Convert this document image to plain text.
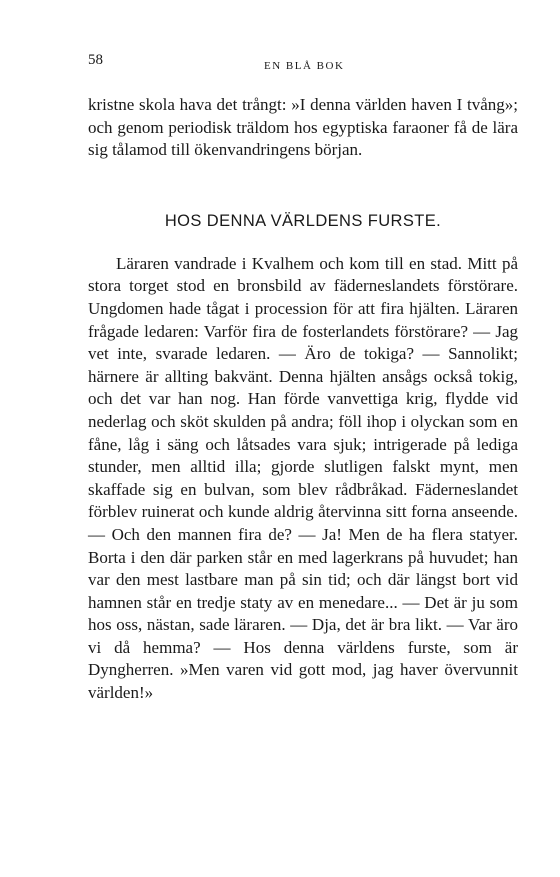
58	EN BLÅ BOK

kristne skola hava det trångt: »I denna världen haven I tvång»; och genom periodisk träldom hos egyptiska faraoner få de lära sig tålamod till ökenvandringens början.

HOS DENNA VÄRLDENS FURSTE.

Läraren vandrade i Kvalhem och kom till en stad. Mitt på stora torget stod en bronsbild av fäderneslandets förstörare. Ungdomen hade tågat i procession för att fira hjälten. Läraren frågade ledaren: Varför fira de fosterlandets förstörare? — Jag vet inte, svarade ledaren. — Äro de tokiga? — Sannolikt; härnere är allting bakvänt. Denna hjälten ansågs också tokig, och det var han nog. Han förde vanvettiga krig, flydde vid nederlag och sköt skulden på andra; föll ihop i olyckan som en fåne, låg i säng och låtsades vara sjuk; intrigerade på lediga stunder, men alltid illa; gjorde slutligen falskt mynt, men skaffade sig en bulvan, som blev rådbråkad. Fäderneslandet förblev ruinerat och kunde aldrig återvinna sitt forna anseende. — Och den mannen fira de? — Ja! Men de ha flera statyer. Borta i den där parken står en med lagerkrans på huvudet; han var den mest lastbare man på sin tid; och där längst bort vid hamnen står en tredje staty av en menedare... — Det är ju som hos oss, nästan, sade läraren. — Dja, det är bra likt. — Var äro vi då hemma? — Hos denna världens furste, som är Dyngherren. »Men varen vid gott mod, jag haver övervunnit världen!»
